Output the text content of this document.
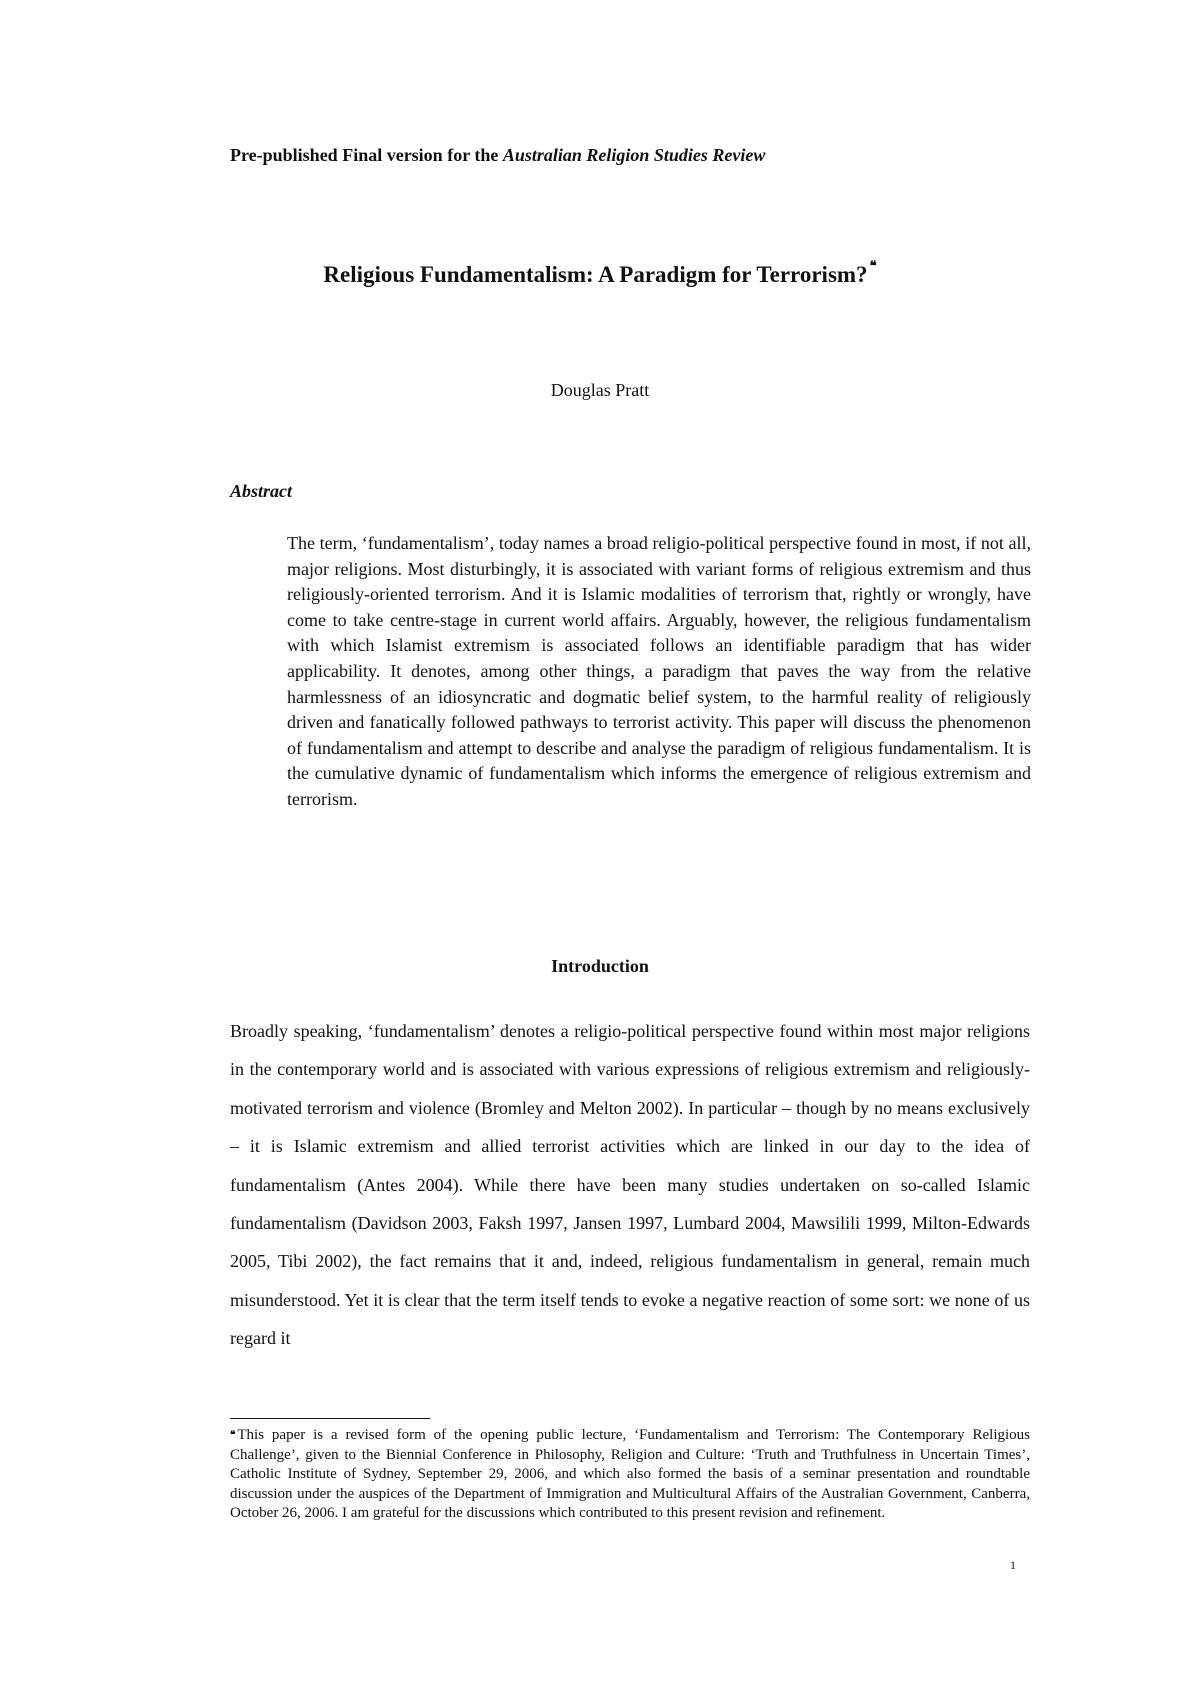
Pre-published Final version for the Australian Religion Studies Review
Religious Fundamentalism: A Paradigm for Terrorism? ❝
Douglas Pratt
Abstract
The term, ‘fundamentalism’, today names a broad religio-political perspective found in most, if not all, major religions. Most disturbingly, it is associated with variant forms of religious extremism and thus religiously-oriented terrorism. And it is Islamic modalities of terrorism that, rightly or wrongly, have come to take centre-stage in current world affairs. Arguably, however, the religious fundamentalism with which Islamist extremism is associated follows an identifiable paradigm that has wider applicability. It denotes, among other things, a paradigm that paves the way from the relative harmlessness of an idiosyncratic and dogmatic belief system, to the harmful reality of religiously driven and fanatically followed pathways to terrorist activity. This paper will discuss the phenomenon of fundamentalism and attempt to describe and analyse the paradigm of religious fundamentalism. It is the cumulative dynamic of fundamentalism which informs the emergence of religious extremism and terrorism.
Introduction
Broadly speaking, ‘fundamentalism’ denotes a religio-political perspective found within most major religions in the contemporary world and is associated with various expressions of religious extremism and religiously-motivated terrorism and violence (Bromley and Melton 2002). In particular – though by no means exclusively – it is Islamic extremism and allied terrorist activities which are linked in our day to the idea of fundamentalism (Antes 2004). While there have been many studies undertaken on so-called Islamic fundamentalism (Davidson 2003, Faksh 1997, Jansen 1997, Lumbard 2004, Mawsilili 1999, Milton-Edwards 2005, Tibi 2002), the fact remains that it and, indeed, religious fundamentalism in general, remain much misunderstood. Yet it is clear that the term itself tends to evoke a negative reaction of some sort: we none of us regard it
❝ This paper is a revised form of the opening public lecture, ‘Fundamentalism and Terrorism: The Contemporary Religious Challenge’, given to the Biennial Conference in Philosophy, Religion and Culture: ‘Truth and Truthfulness in Uncertain Times’, Catholic Institute of Sydney, September 29, 2006, and which also formed the basis of a seminar presentation and roundtable discussion under the auspices of the Department of Immigration and Multicultural Affairs of the Australian Government, Canberra, October 26, 2006. I am grateful for the discussions which contributed to this present revision and refinement.
1
